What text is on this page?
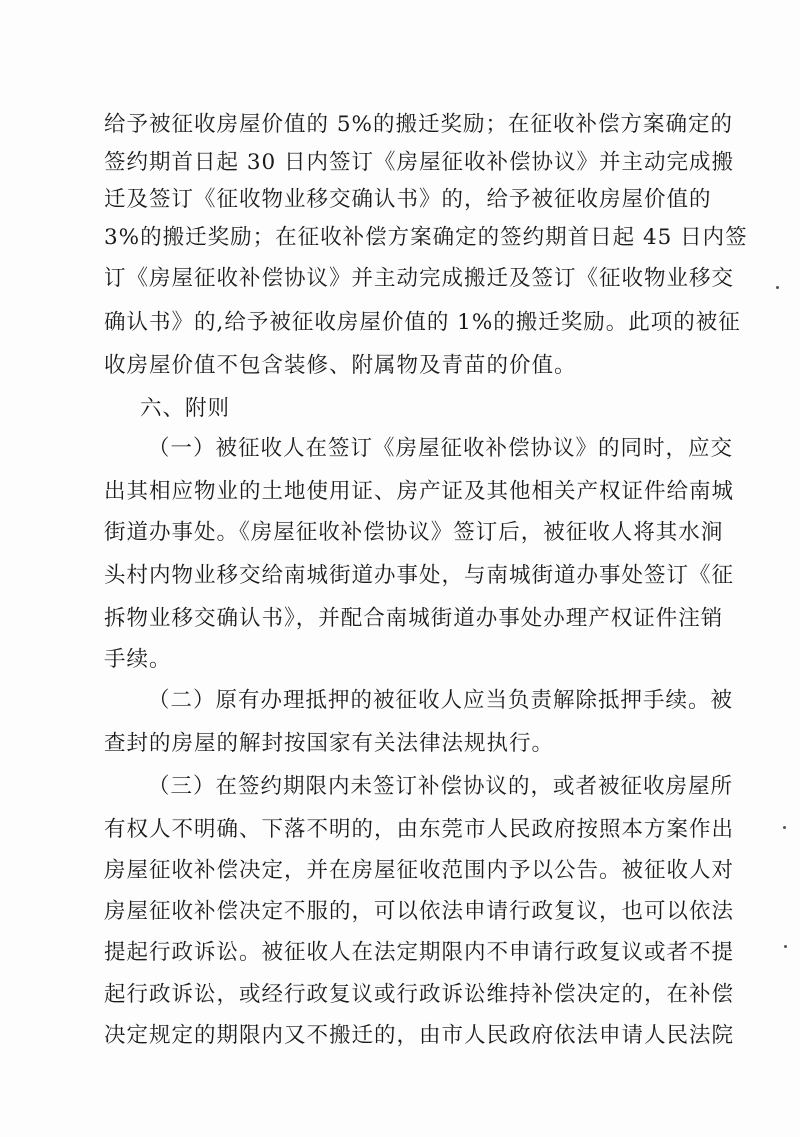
给予被征收房屋价值的 5%的搬迁奖励；在征收补偿方案确定的
签约期首日起 30 日内签订《房屋征收补偿协议》并主动完成搬
迁及签订《征收物业移交确认书》的，给予被征收房屋价值的
3%的搬迁奖励；在征收补偿方案确定的签约期首日起 45 日内签
订《房屋征收补偿协议》并主动完成搬迁及签订《征收物业移交
确认书》的,给予被征收房屋价值的 1%的搬迁奖励。此项的被征
收房屋价值不包含装修、附属物及青苗的价值。
六、附则
（一）被征收人在签订《房屋征收补偿协议》的同时，应交
出其相应物业的土地使用证、房产证及其他相关产权证件给南城
街道办事处。《房屋征收补偿协议》签订后，被征收人将其水涧
头村内物业移交给南城街道办事处，与南城街道办事处签订《征
拆物业移交确认书》，并配合南城街道办事处办理产权证件注销
手续。
（二）原有办理抵押的被征收人应当负责解除抵押手续。被
查封的房屋的解封按国家有关法律法规执行。
（三）在签约期限内未签订补偿协议的，或者被征收房屋所
有权人不明确、下落不明的，由东莞市人民政府按照本方案作出
房屋征收补偿决定，并在房屋征收范围内予以公告。被征收人对
房屋征收补偿决定不服的，可以依法申请行政复议，也可以依法
提起行政诉讼。被征收人在法定期限内不申请行政复议或者不提
起行政诉讼，或经行政复议或行政诉讼维持补偿决定的，在补偿
决定规定的期限内又不搬迁的，由市人民政府依法申请人民法院
